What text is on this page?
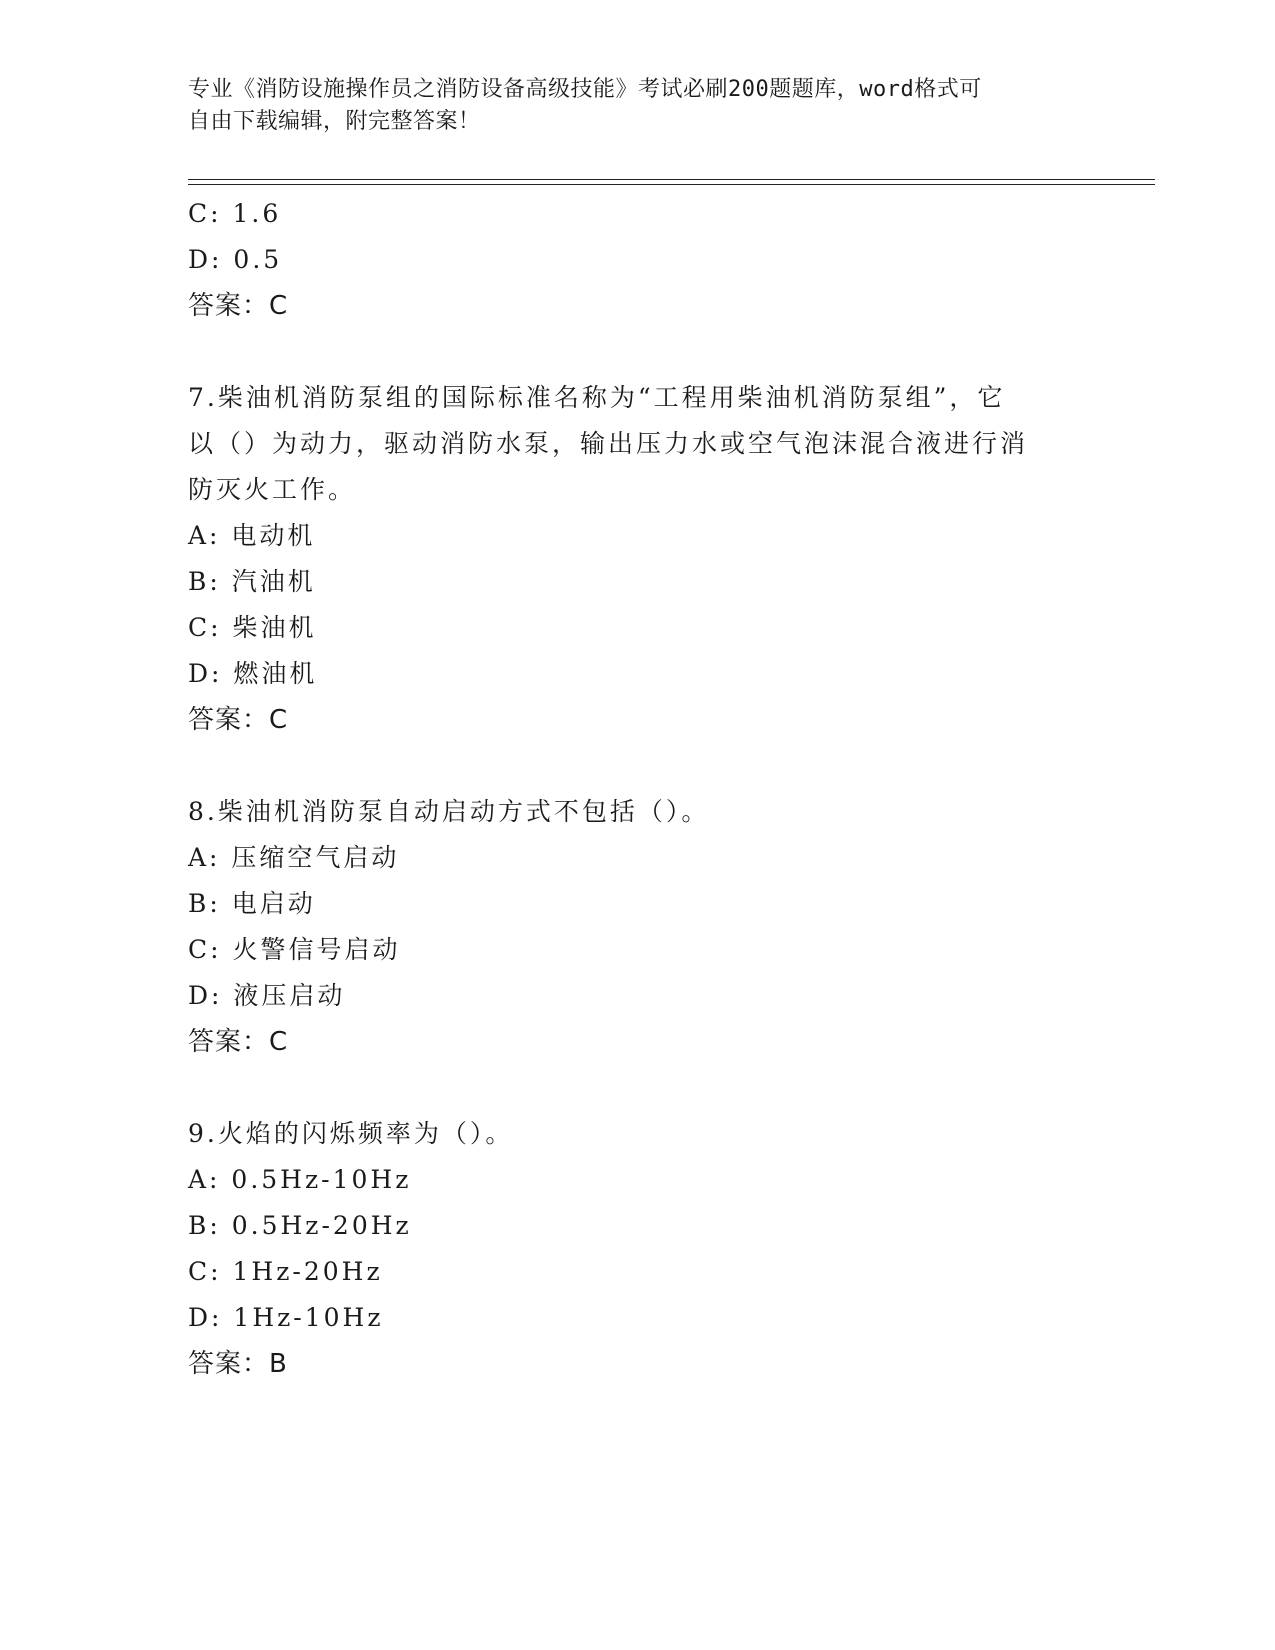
专业《消防设施操作员之消防设备高级技能》考试必刷200题题库，word格式可
自由下载编辑，附完整答案！
C: 1.6
D: 0.5
答案：C
7.柴油机消防泵组的国际标准名称为“工程用柴油机消防泵组”，它
以（）为动力，驱动消防水泵，输出压力水或空气泡沫混合液进行消
防灭火工作。
A: 电动机
B: 汽油机
C: 柴油机
D: 燃油机
答案：C
8.柴油机消防泵自动启动方式不包括（）。
A: 压缩空气启动
B: 电启动
C: 火警信号启动
D: 液压启动
答案：C
9.火焰的闪烁频率为（）。
A: 0.5Hz-10Hz
B: 0.5Hz-20Hz
C: 1Hz-20Hz
D: 1Hz-10Hz
答案：B
